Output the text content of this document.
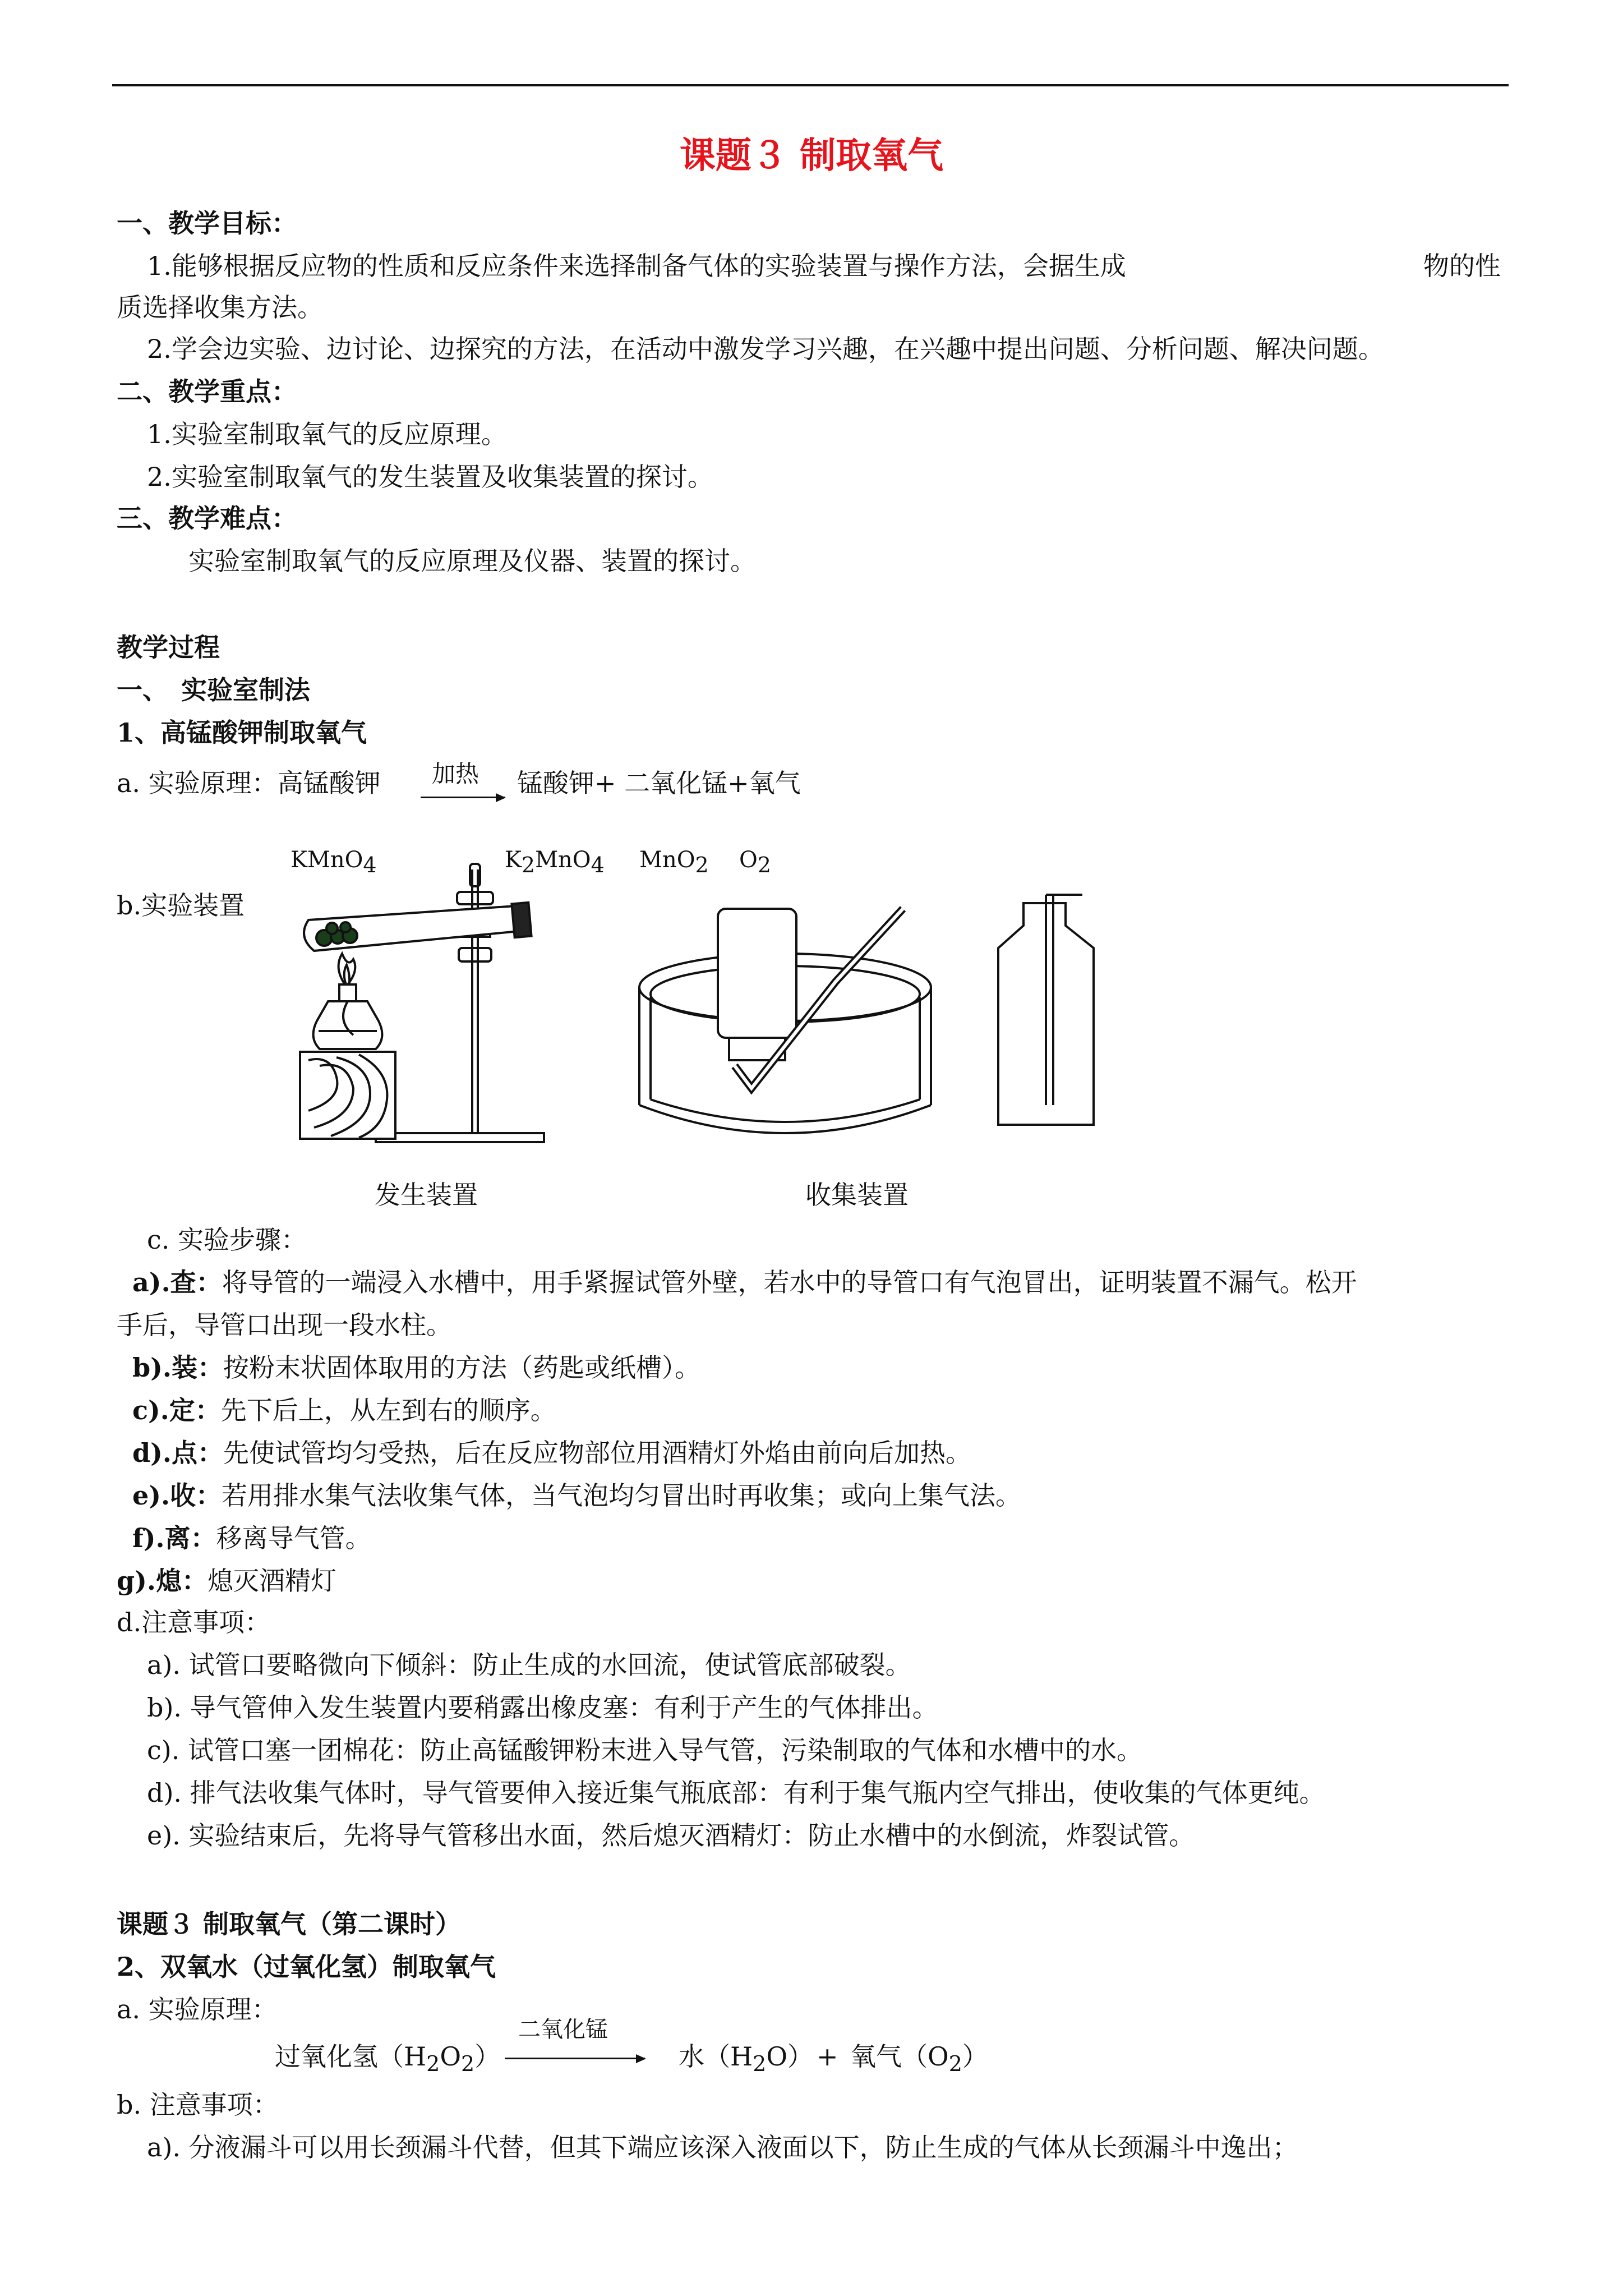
课题３ 制取氧气
一、教学目标：
1.能够根据反应物的性质和反应条件来选择制备气体的实验装置与操作方法，会据生成	物的性
质选择收集方法。
2.学会边实验、边讨论、边探究的方法，在活动中激发学习兴趣，在兴趣中提出问题、分析问题、解决问题。
二、教学重点：
1.实验室制取氧气的反应原理。
2.实验室制取氧气的发生装置及收集装置的探讨。
三、教学难点：
实验室制取氧气的反应原理及仪器、装置的探讨。
教学过程
一、　实验室制法
1、高锰酸钾制取氧气
a. 实验原理：高锰酸钾 加热 锰酸钾+ 二氧化锰+氧气
KMnO$_4$	$K_2MnO_4$ MnO$_2$ $O_2$
b.实验装置
发生装置	收集装置
c. 实验步骤：
a).查：将导管的一端浸入水槽中，用手紧握试管外壁，若水中的导管口有气泡冒出，证明装置不漏气。松开
手后，导管口出现一段水柱。
b).装：按粉末状固体取用的方法（药匙或纸槽）。
c).定：先下后上，从左到右的顺序。
d).点：先使试管均匀受热，后在反应物部位用酒精灯外焰由前向后加热。
e).收：若用排水集气法收集气体，当气泡均匀冒出时再收集；或向上集气法。
f).离：移离导气管。
g).熄：熄灭酒精灯
d.注意事项：
a). 试管口要略微向下倾斜：防止生成的水回流，使试管底部破裂。
b). 导气管伸入发生装置内要稍露出橡皮塞：有利于产生的气体排出。
c). 试管口塞一团棉花：防止高锰酸钾粉末进入导气管，污染制取的气体和水槽中的水。
d). 排气法收集气体时，导气管要伸入接近集气瓶底部：有利于集气瓶内空气排出，使收集的气体更纯。
e). 实验结束后，先将导气管移出水面，然后熄灭酒精灯：防止水槽中的水倒流，炸裂试管。
课题３ 制取氧气（第二课时）
2、双氧水（过氧化氢）制取氧气
a. 实验原理：
过氧化氢$(H_2O_2)$
二氧化锰
水$(H_2O)$ + 氧气$(O_2)$
b. 注意事项：
a). 分液漏斗可以用长颈漏斗代替，但其下端应该深入液面以下，防止生成的气体从长颈漏斗中逸出；
